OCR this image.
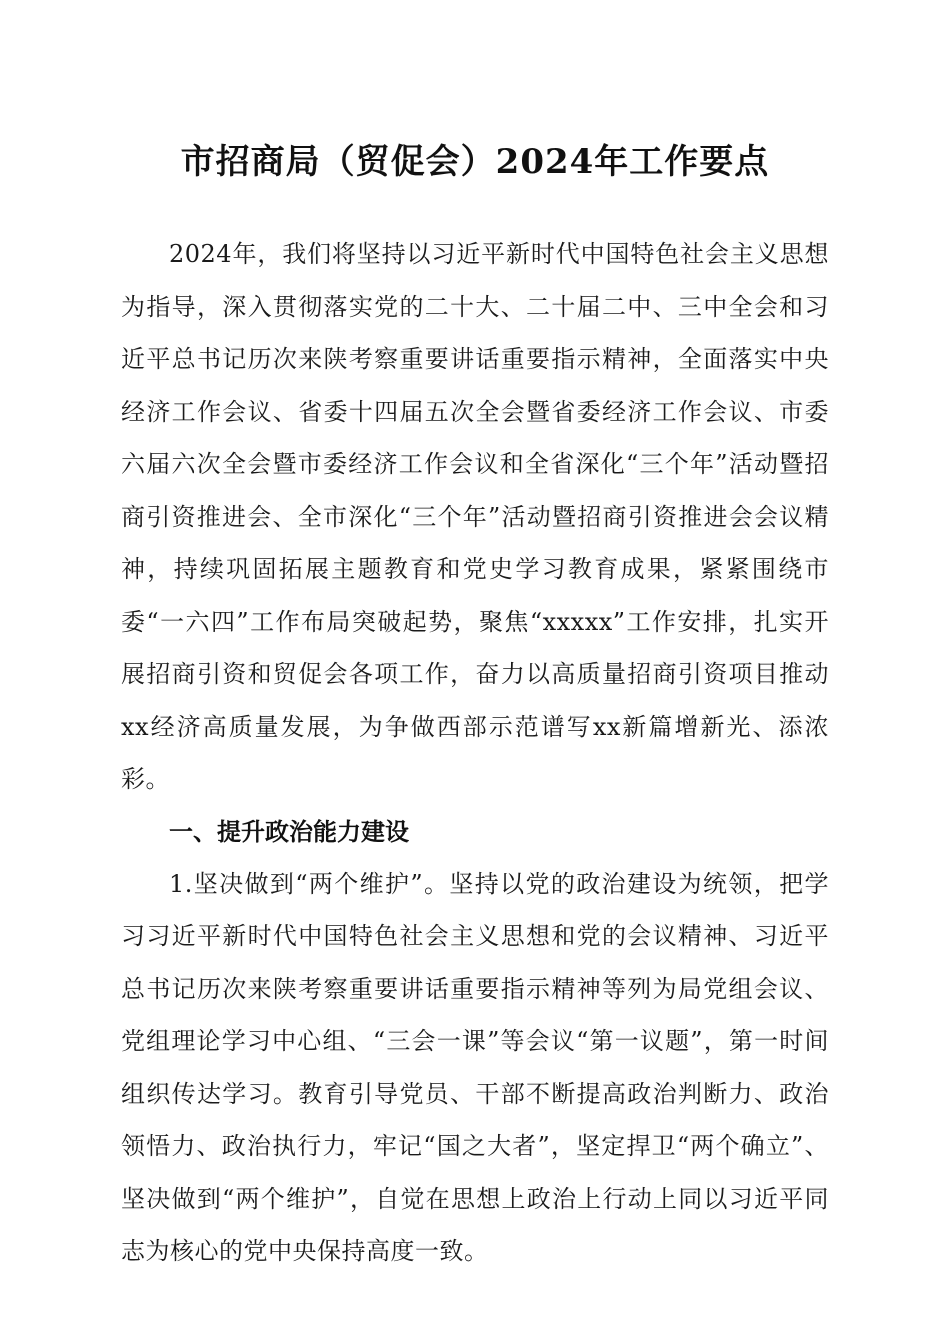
市招商局（贸促会）2024年工作要点

2024年，我们将坚持以习近平新时代中国特色社会主义思想为指导，深入贯彻落实党的二十大、二十届二中、三中全会和习近平总书记历次来陕考察重要讲话重要指示精神，全面落实中央经济工作会议、省委十四届五次全会暨省委经济工作会议、市委六届六次全会暨市委经济工作会议和全省深化“三个年”活动暨招商引资推进会、全市深化“三个年”活动暨招商引资推进会会议精神，持续巩固拓展主题教育和党史学习教育成果，紧紧围绕市委“一六四”工作布局突破起势，聚焦“xxxxx”工作安排，扎实开展招商引资和贸促会各项工作，奋力以高质量招商引资项目推动xx经济高质量发展，为争做西部示范谱写xx新篇增新光、添浓彩。

一、提升政治能力建设

1.坚决做到“两个维护”。坚持以党的政治建设为统领，把学习习近平新时代中国特色社会主义思想和党的会议精神、习近平总书记历次来陕考察重要讲话重要指示精神等列为局党组会议、党组理论学习中心组、“三会一课”等会议“第一议题”，第一时间组织传达学习。教育引导党员、干部不断提高政治判断力、政治领悟力、政治执行力，牢记“国之大者”，坚定捍卫“两个确立”、坚决做到“两个维护”，自觉在思想上政治上行动上同以习近平同志为核心的党中央保持高度一致。
